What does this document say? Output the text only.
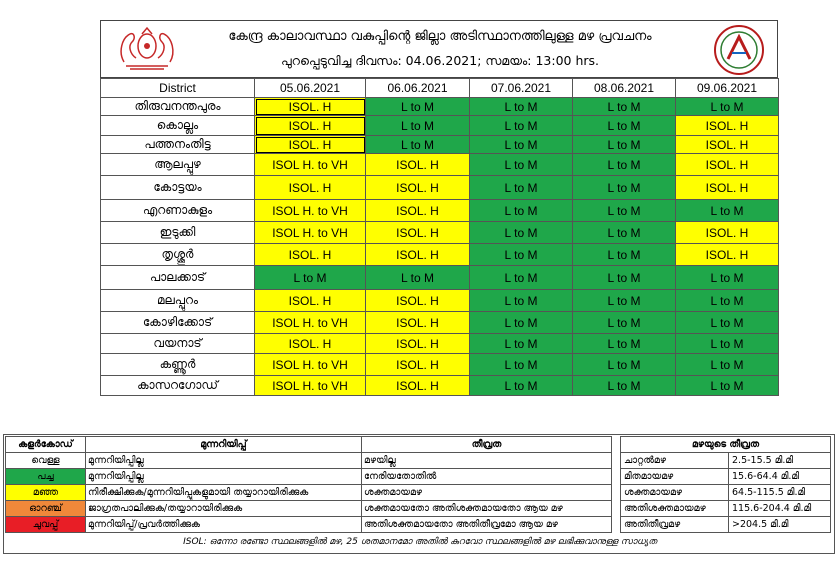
കേന്ദ്ര കാലാവസ്ഥാ വകുപ്പിന്റെ ജില്ലാ അടിസ്ഥാനത്തിലുള്ള മഴ പ്രവചനം
പുറപ്പെടുവിച്ച ദിവസം: 04.06.2021; സമയം: 13:00 hrs.
District	05.06.2021	06.06.2021	07.06.2021	08.06.2021	09.06.2021
തിരുവനന്തപുരം	ISOL. H	L to M	L to M	L to M	L to M
കൊല്ലം	ISOL. H	L to M	L to M	L to M	ISOL. H
പത്തനംതിട്ട	ISOL. H	L to M	L to M	L to M	ISOL. H
ആലപ്പുഴ	ISOL H. to VH	ISOL. H	L to M	L to M	ISOL. H
കോട്ടയം	ISOL. H	ISOL. H	L to M	L to M	ISOL. H
എറണാകുളം	ISOL H. to VH	ISOL. H	L to M	L to M	L to M
ഇടുക്കി	ISOL H. to VH	ISOL. H	L to M	L to M	ISOL. H
തൃശ്ശൂർ	ISOL. H	ISOL. H	L to M	L to M	ISOL. H
പാലക്കാട്	L to M	L to M	L to M	L to M	L to M
മലപ്പുറം	ISOL. H	ISOL. H	L to M	L to M	L to M
കോഴിക്കോട്	ISOL H. to VH	ISOL. H	L to M	L to M	L to M
വയനാട്	ISOL. H	ISOL. H	L to M	L to M	L to M
കണ്ണൂർ	ISOL H. to VH	ISOL. H	L to M	L to M	L to M
കാസറഗോഡ്	ISOL H. to VH	ISOL. H	L to M	L to M	L to M
കളർകോഡ്	മുന്നറിയിപ്പ്	തീവ്രത
വെള്ള	മുന്നറിയിപ്പില്ല	മഴയില്ല
പച്ച	മുന്നറിയിപ്പില്ല	നേരിയതോതിൽ
മഞ്ഞ	നിരീക്ഷിക്കുക/മുന്നറിയിപ്പുകളുമായി തയ്യാറായിരിക്കുക	ശക്തമായമഴ
ഓറഞ്ച്	ജാഗ്രതപാലിക്കുക/തയ്യാറായിരിക്കുക	ശക്തമായതോ അതിശക്തമായതോ ആയ മഴ
ചുവപ്പ്	മുന്നറിയിപ്പ്/പ്രവർത്തിക്കുക	അതിശക്തമായതോ അതിതീവ്രമോ ആയ മഴ
മഴയുടെ തീവ്രത	
ചാറ്റൽമഴ	2.5-15.5 മി.മി
മിതമായമഴ	15.6-64.4 മി.മി
ശക്തമായമഴ	64.5-115.5 മി.മി
അതിശക്തമായമഴ	115.6-204.4 മി.മി
അതിതീവ്രമഴ	>204.5 മി.മി
ISOL: ഒന്നോ രണ്ടോ സ്ഥലങ്ങളിൽ മഴ, 25 ശതമാനമോ അതിൽ കുറവോ സ്ഥലങ്ങളിൽ മഴ ലഭിക്കുവാനുള്ള സാധ്യത
